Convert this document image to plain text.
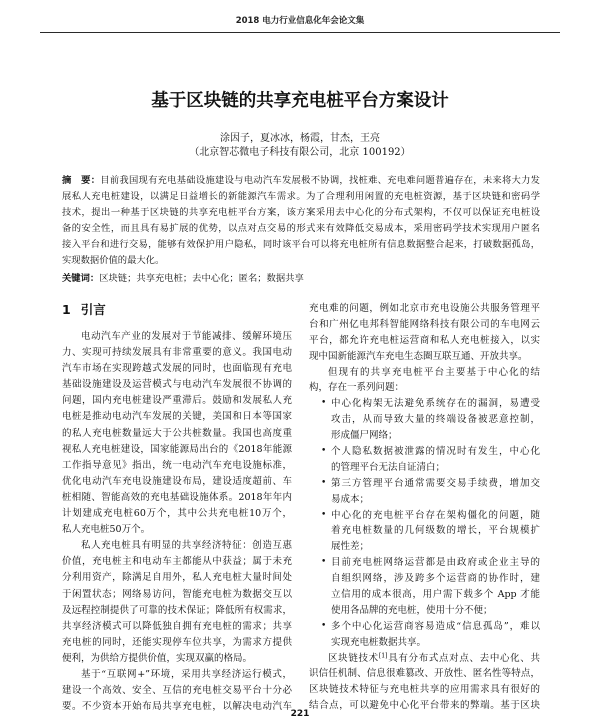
2018 电力行业信息化年会论文集
基于区块链的共享充电桩平台方案设计
涂因子，夏冰冰，杨霞，甘杰，王亮
（北京智芯微电子科技有限公司，北京 100192）
摘　要：目前我国现有充电基础设施建设与电动汽车发展极不协调，找桩难、充电难问题普遍存在，未来将大力发
展私人充电桩建设，以满足日益增长的新能源汽车需求。为了合理利用闲置的充电桩资源，基于区块链和密码学
技术，提出一种基于区块链的共享充电桩平台方案，该方案采用去中心化的分布式架构，不仅可以保证充电桩设
备的安全性，而且具有易扩展的优势，以点对点交易的形式来有效降低交易成本，采用密码学技术实现用户匿名
接入平台和进行交易，能够有效保护用户隐私，同时该平台可以将充电桩所有信息数据整合起来，打破数据孤岛，
实现数据价值的最大化。
关键词：区块链；共享充电桩；去中心化；匿名；数据共享
1 引言
电动汽车产业的发展对于节能减排、缓解环境压
力、实现可持续发展具有非常重要的意义。我国电动
汽车市场在实现跨越式发展的同时，也面临现有充电
基础设施建设及运营模式与电动汽车发展很不协调的
问题，国内充电桩建设严重滞后。鼓励和发展私人充
电桩是推动电动汽车发展的关键，美国和日本等国家
的私人充电桩数量远大于公共桩数量。我国也高度重
视私人充电桩建设，国家能源局出台的《2018年能源
工作指导意见》指出，统一电动汽车充电设施标准，
优化电动汽车充电设施建设布局，建设适度超前、车
桩相随、智能高效的充电基础设施体系。2018年年内
计划建成充电桩60万个，其中公共充电桩10万个，
私人充电桩50万个。
私人充电桩具有明显的共享经济特征：创造互惠
价值，充电桩主和电动车主都能从中获益；属于未充
分利用资产，除满足自用外，私人充电桩大量时间处
于闲置状态；网络易访问，智能充电桩为数据交互以
及远程控制提供了可靠的技术保证；降低所有权需求，
共享经济模式可以降低独自拥有充电桩的需求；共享
充电桩的同时，还能实现停车位共享，为需求方提供
便利，为供给方提供价值，实现双赢的格局。
基于“互联网+”环境，采用共享经济运行模式，
建设一个高效、安全、互信的充电桩交易平台十分必
要。不少资本开始布局共享充电桩，以解决电动汽车
充电难的问题，例如北京市充电设施公共服务管理平
台和广州亿电邦科智能网络科技有限公司的车电网云
平台，都允许充电桩运营商和私人充电桩接入，以实
现中国新能源汽车充电生态圈互联互通、开放共享。
但现有的共享充电桩平台主要基于中心化的结
构，存在一系列问题：
• 中心化构架无法避免系统存在的漏洞，易遭受
攻击，从而导致大量的终端设备被恶意控制，
形成僵尸网络；
• 个人隐私数据被泄露的情况时有发生，中心化
的管理平台无法自证清白；
• 第三方管理平台通常需要交易手续费，增加交
易成本；
• 中心化的充电桩平台存在架构僵化的问题，随
着充电桩数量的几何级数的增长，平台规模扩
展性差；
• 目前充电桩网络运营都是由政府或企业主导的
自组织网络，涉及跨多个运营商的协作时，建
立信用的成本很高，用户需下载多个 App 才能
使用各品牌的充电桩，使用十分不便；
• 多个中心化运营商容易造成“信息孤岛”，难以
实现充电桩数据共享。
区块链技术[1]具有分布式点对点、去中心化、共
识信任机制、信息很难篡改、开放性、匿名性等特点，
区块链技术特征与充电桩共享的应用需求具有很好的
结合点，可以避免中心化平台带来的弊端。基于区块
221
